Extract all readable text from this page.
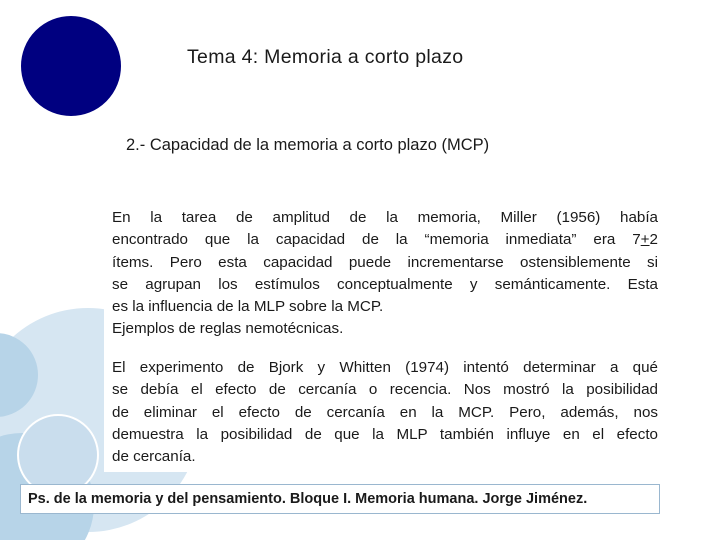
Tema 4: Memoria a corto plazo
2.- Capacidad de la memoria a corto plazo (MCP)
En la tarea de amplitud de la memoria, Miller (1956) había
encontrado que la capacidad de la “memoria inmediata” era 7+2
ítems. Pero esta capacidad puede incrementarse ostensiblemente si
se agrupan los estímulos conceptualmente y semánticamente. Esta
es la influencia de la MLP sobre la MCP.
Ejemplos de reglas nemotécnicas.
El experimento de Bjork y Whitten (1974) intentó determinar a qué
se debía el efecto de cercanía o recencia. Nos mostró la posibilidad
de eliminar el efecto de cercanía en la MCP. Pero, además, nos
demuestra la posibilidad de que la MLP también influye en el efecto
de cercanía.
Ps. de la memoria y del pensamiento. Bloque I. Memoria humana. Jorge Jiménez.
